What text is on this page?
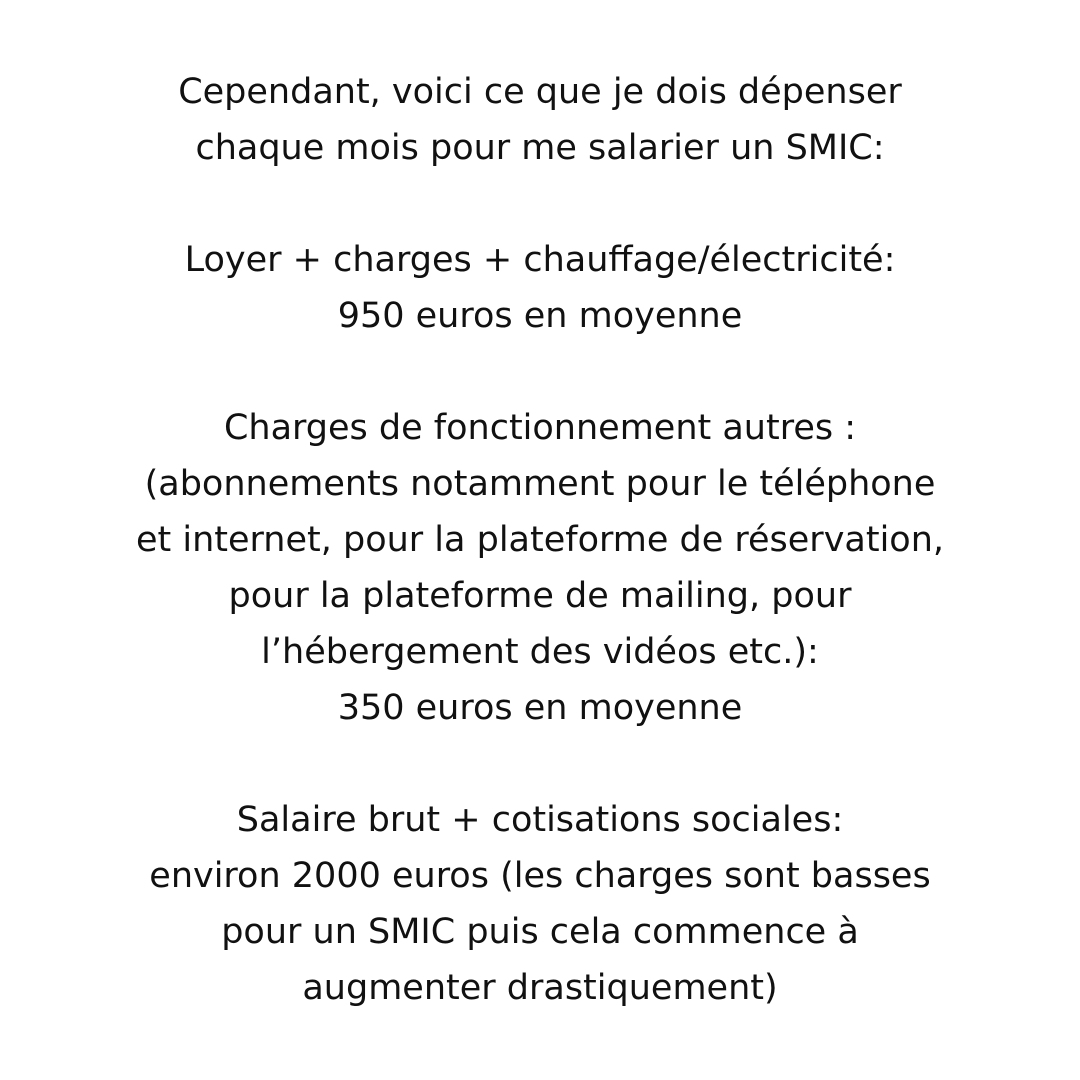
Cependant, voici ce que je dois dépenser
chaque mois pour me salarier un SMIC:
Loyer + charges + chauffage/électricité:
950 euros en moyenne
Charges de fonctionnement autres :
(abonnements notamment pour le téléphone
et internet, pour la plateforme de réservation,
pour la plateforme de mailing, pour
l’hébergement des vidéos etc.):
350 euros en moyenne
Salaire brut + cotisations sociales:
environ 2000 euros (les charges sont basses
pour un SMIC puis cela commence à
augmenter drastiquement)
